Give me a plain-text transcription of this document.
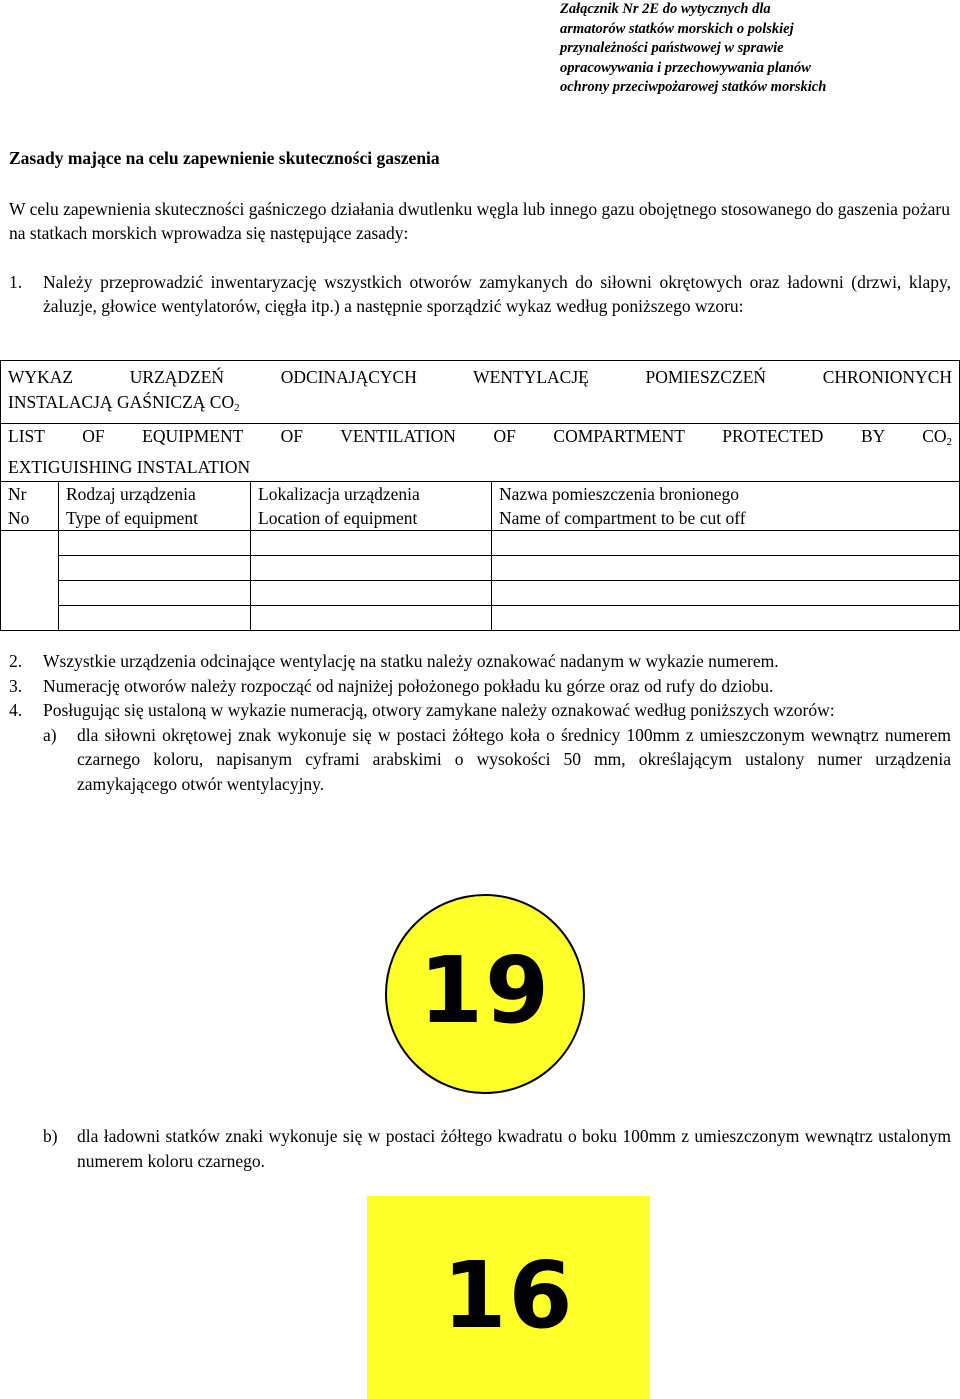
Załącznik Nr 2E do wytycznych dla
armatorów statków morskich o polskiej
przynależności państwowej w sprawie
opracowywania i przechowywania planów
ochrony przeciwpożarowej statków morskich
Zasady mające na celu zapewnienie skuteczności gaszenia
W celu zapewnienia skuteczności gaśniczego działania dwutlenku węgla lub innego gazu obojętnego stosowanego do gaszenia pożaru na statkach morskich wprowadza się następujące zasady:
1. Należy przeprowadzić inwentaryzację wszystkich otworów zamykanych do siłowni okrętowych oraz ładowni (drzwi, klapy, żaluzje, głowice wentylatorów, cięgła itp.) a następnie sporządzić wykaz według poniższego wzoru:
WYKAZ URZĄDZEŃ ODCINAJĄCYCH WENTYLACJĘ POMIESZCZEŃ CHRONIONYCH
INSTALACJĄ GAŚNICZĄ $CO_2$

LIST OF EQUIPMENT OF VENTILATION OF COMPARTMENT PROTECTED BY $CO_2$
EXTIGUISHING INSTALATION			
Nr	Rodzaj urządzenia	Lokalizacja urządzenia	Nazwa pomieszczenia bronionego
No	Type of equipment	Location of equipment	Name of compartment to be cut off

2. Wszystkie urządzenia odcinające wentylację na statku należy oznakować nadanym w wykazie numerem.
3. Numerację otworów należy rozpocząć od najniżej położonego pokładu ku górze oraz od rufy do dziobu.
4. Posługując się ustaloną w wykazie numeracją, otwory zamykane należy oznakować według poniższych wzorów:
a) dla siłowni okrętowej znak wykonuje się w postaci żółtego koła o średnicy 100mm z umieszczonym wewnątrz numerem czarnego koloru, napisanym cyframi arabskimi o wysokości 50 mm, określającym ustalony numer urządzenia zamykającego otwór wentylacyjny.
19
b) dla ładowni statków znaki wykonuje się w postaci żółtego kwadratu o boku 100mm z umieszczonym wewnątrz ustalonym numerem koloru czarnego.
16
